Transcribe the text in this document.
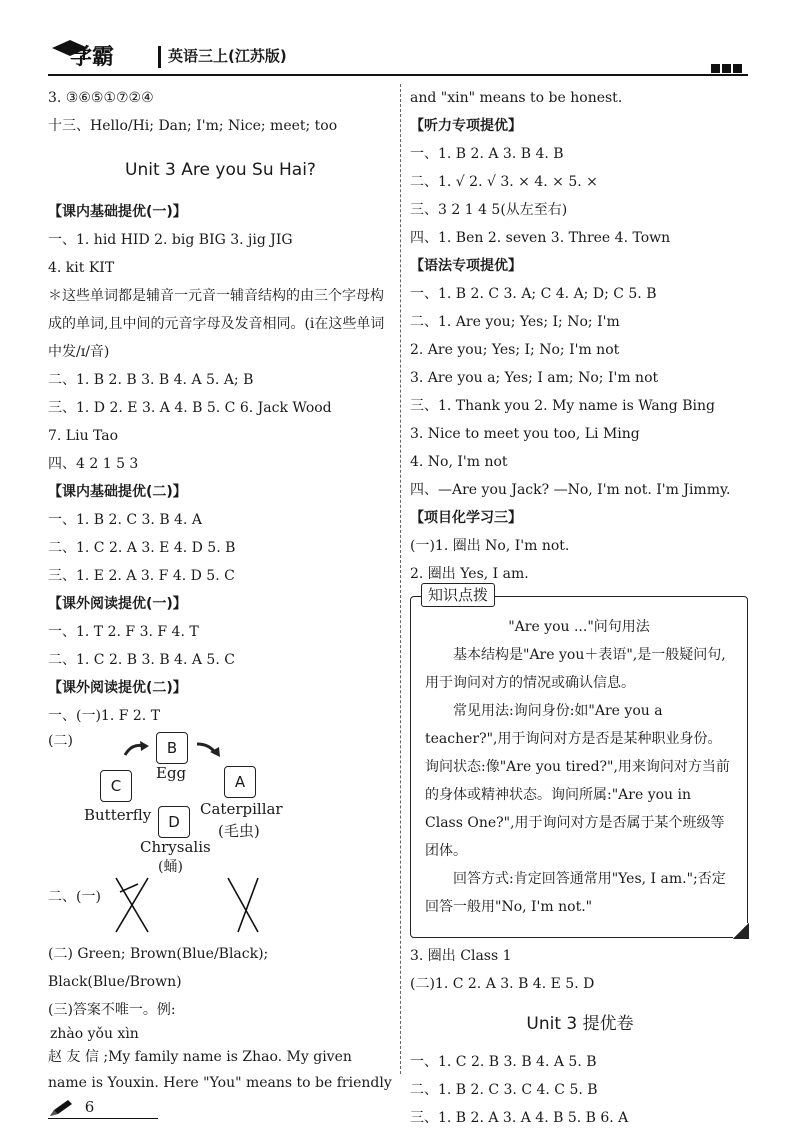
学霸	英语三上(江苏版)
3. ③⑥⑤①⑦②④
十三、Hello/Hi; Dan; I'm; Nice; meet; too
Unit 3 Are you Su Hai?
【课内基础提优(一)】
一、1. hid HID 2. big BIG 3. jig JIG
4. kit KIT
＊这些单词都是辅音一元音一辅音结构的由三个字母构成的单词,且中间的元音字母及发音相同。(i在这些单词中发/ɪ/音)
二、1. B 2. B 3. B 4. A 5. A; B
三、1. D 2. E 3. A 4. B 5. C 6. Jack Wood
7. Liu Tao
四、4 2 1 5 3
【课内基础提优(二)】
一、1. B 2. C 3. B 4. A
二、1. C 2. A 3. E 4. D 5. B
三、1. E 2. A 3. F 4. D 5. C
【课外阅读提优(一)】
一、1. T 2. F 3. F 4. T
二、1. C 2. B 3. B 4. A 5. C
【课外阅读提优(二)】
一、(一)1. F 2. T
(二)	B
Egg
C
Butterfly
A
Caterpillar
(毛虫)
D
Chrysalis
(蛹)
二、(一)
(二) Green; Brown(Blue/Black); Black(Blue/Brown)
(三)答案不唯一。例:
zhào yǒu xìn
赵 友 信 ;My family name is Zhao. My given name is Youxin. Here "You" means to be friendly
and "xin" means to be honest.
【听力专项提优】
一、1. B 2. A 3. B 4. B
二、1. √ 2. √ 3. × 4. × 5. ×
三、3 2 1 4 5(从左至右)
四、1. Ben 2. seven 3. Three 4. Town
【语法专项提优】
一、1. B 2. C 3. A; C 4. A; D; C 5. B
二、1. Are you; Yes; I; No; I'm
2. Are you; Yes; I; No; I'm not
3. Are you a; Yes; I am; No; I'm not
三、1. Thank you 2. My name is Wang Bing
3. Nice to meet you too, Li Ming
4. No, I'm not
四、—Are you Jack? —No, I'm not. I'm Jimmy.
【项目化学习三】
(一)1. 圈出 No, I'm not.
2. 圈出 Yes, I am.
知识点拨

"Are you ..."问句用法

基本结构是"Are you＋表语",是一般疑问句,用于询问对方的情况或确认信息。

常见用法:询问身份:如"Are you a teacher?",用于询问对方是否是某种职业身份。询问状态:像"Are you tired?",用来询问对方当前的身体或精神状态。询问所属:"Are you in Class One?",用于询问对方是否属于某个班级等团体。

回答方式:肯定回答通常用"Yes, I am.";否定回答一般用"No, I'm not."

3. 圈出 Class 1
(二)1. C 2. A 3. B 4. E 5. D
Unit 3 提优卷
一、1. C 2. B 3. B 4. A 5. B
二、1. B 2. C 3. C 4. C 5. B
三、1. B 2. A 3. A 4. B 5. B 6. A
6
